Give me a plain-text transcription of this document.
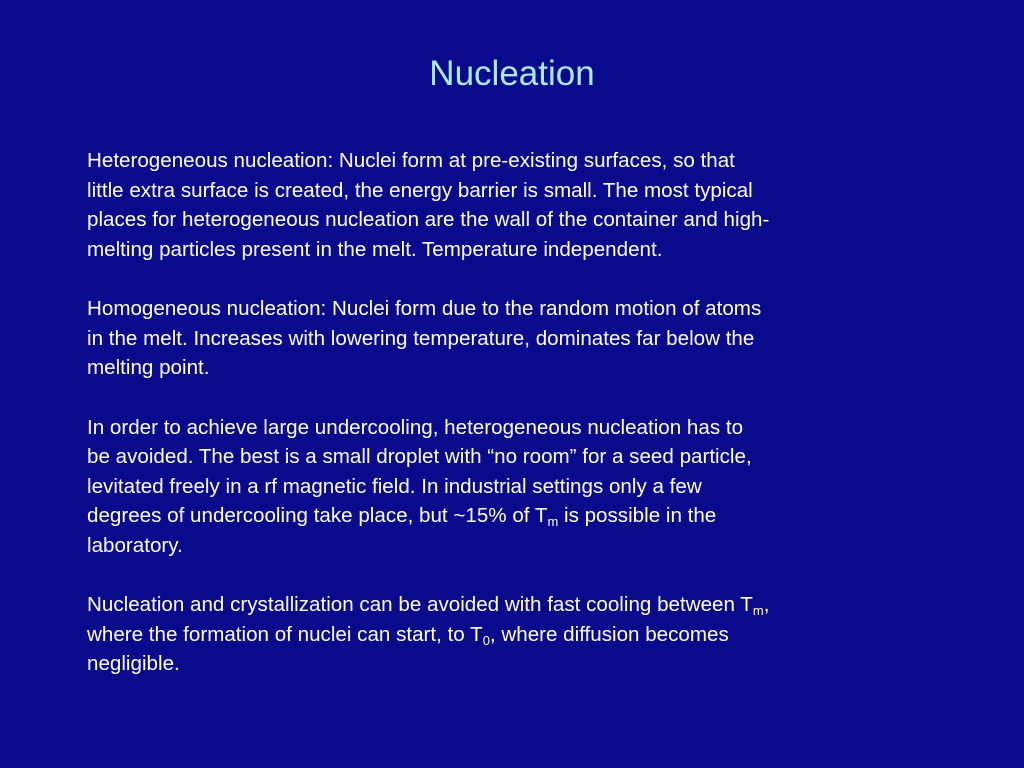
Nucleation

Heterogeneous nucleation: Nuclei form at pre-existing surfaces, so that
little extra surface is created, the energy barrier is small. The most typical
places for heterogeneous nucleation are the wall of the container and high-
melting particles present in the melt. Temperature independent.

Homogeneous nucleation: Nuclei form due to the random motion of atoms
in the melt. Increases with lowering temperature, dominates far below the
melting point.

In order to achieve large undercooling, heterogeneous nucleation has to
be avoided. The best is a small droplet with “no room” for a seed particle,
levitated freely in a rf magnetic field. In industrial settings only a few
degrees of undercooling take place, but ~15% of $T_m$ is possible in the
laboratory.

Nucleation and crystallization can be avoided with fast cooling between $T_m$,
where the formation of nuclei can start, to $T_0$, where diffusion becomes
negligible.
